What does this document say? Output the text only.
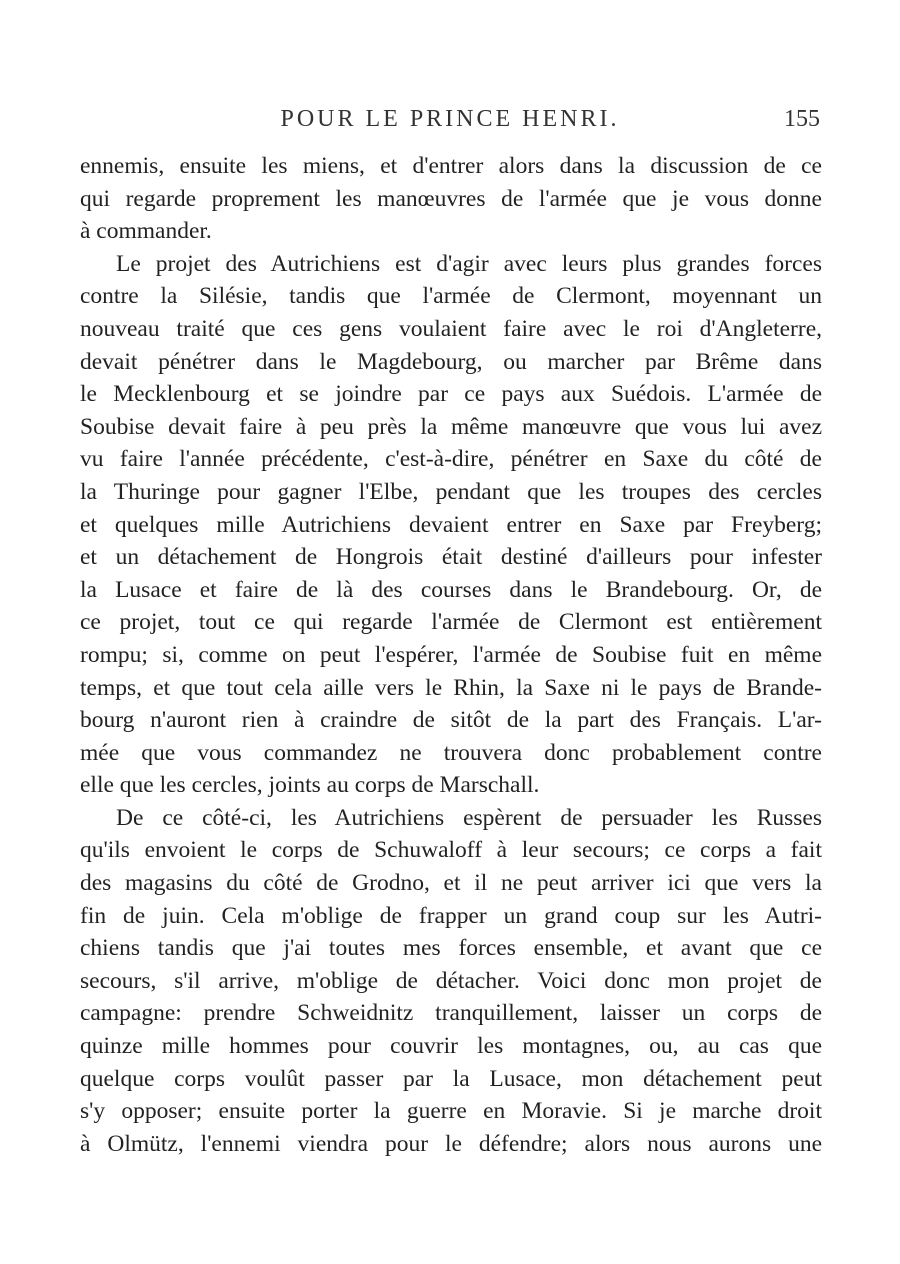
POUR LE PRINCE HENRI.	155
ennemis, ensuite les miens, et d'entrer alors dans la discussion de ce
qui regarde proprement les manœuvres de l'armée que je vous donne
à commander.
Le projet des Autrichiens est d'agir avec leurs plus grandes forces
contre la Silésie, tandis que l'armée de Clermont, moyennant un
nouveau traité que ces gens voulaient faire avec le roi d'Angleterre,
devait pénétrer dans le Magdebourg, ou marcher par Brême dans
le Mecklenbourg et se joindre par ce pays aux Suédois. L'armée de
Soubise devait faire à peu près la même manœuvre que vous lui avez
vu faire l'année précédente, c'est-à-dire, pénétrer en Saxe du côté de
la Thuringe pour gagner l'Elbe, pendant que les troupes des cercles
et quelques mille Autrichiens devaient entrer en Saxe par Freyberg;
et un détachement de Hongrois était destiné d'ailleurs pour infester
la Lusace et faire de là des courses dans le Brandebourg. Or, de
ce projet, tout ce qui regarde l'armée de Clermont est entièrement
rompu; si, comme on peut l'espérer, l'armée de Soubise fuit en même
temps, et que tout cela aille vers le Rhin, la Saxe ni le pays de Brande-
bourg n'auront rien à craindre de sitôt de la part des Français. L'ar-
mée que vous commandez ne trouvera donc probablement contre
elle que les cercles, joints au corps de Marschall.
De ce côté-ci, les Autrichiens espèrent de persuader les Russes
qu'ils envoient le corps de Schuwaloff à leur secours; ce corps a fait
des magasins du côté de Grodno, et il ne peut arriver ici que vers la
fin de juin. Cela m'oblige de frapper un grand coup sur les Autri-
chiens tandis que j'ai toutes mes forces ensemble, et avant que ce
secours, s'il arrive, m'oblige de détacher. Voici donc mon projet de
campagne: prendre Schweidnitz tranquillement, laisser un corps de
quinze mille hommes pour couvrir les montagnes, ou, au cas que
quelque corps voulût passer par la Lusace, mon détachement peut
s'y opposer; ensuite porter la guerre en Moravie. Si je marche droit
à Olmütz, l'ennemi viendra pour le défendre; alors nous aurons une
